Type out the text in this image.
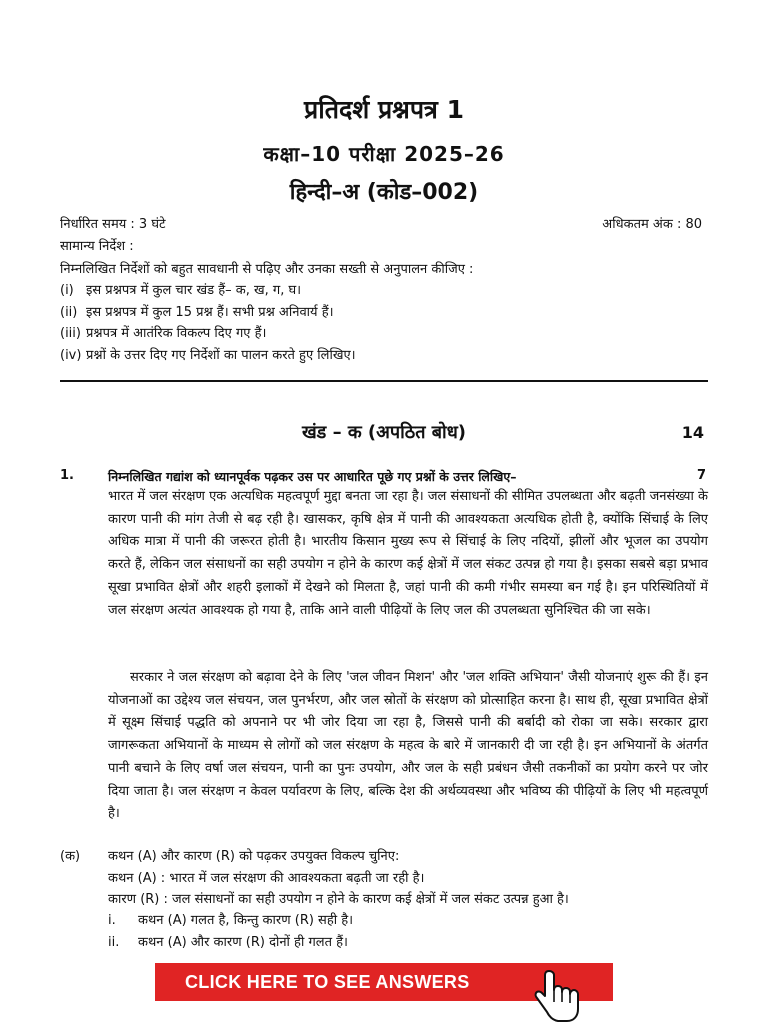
प्रतिदर्श प्रश्नपत्र 1
कक्षा–10 परीक्षा 2025–26
हिन्दी–अ (कोड–002)
निर्धारित समय : 3 घंटे	अधिकतम अंक : 80
सामान्य निर्देश :
निम्नलिखित निर्देशों को बहुत सावधानी से पढ़िए और उनका सख्ती से अनुपालन कीजिए :
(i) इस प्रश्नपत्र में कुल चार खंड हैं– क, ख, ग, घ।
(ii) इस प्रश्नपत्र में कुल 15 प्रश्न हैं। सभी प्रश्न अनिवार्य हैं।
(iii) प्रश्नपत्र में आतंरिक विकल्प दिए गए हैं।
(iv) प्रश्नों के उत्तर दिए गए निर्देशों का पालन करते हुए लिखिए।
खंड – क (अपठित बोध)	14
1.	निम्नलिखित गद्यांश को ध्यानपूर्वक पढ़कर उस पर आधारित पूछे गए प्रश्नों के उत्तर लिखिए–	7

भारत में जल संरक्षण एक अत्यधिक महत्वपूर्ण मुद्दा बनता जा रहा है। जल संसाधनों की सीमित उपलब्धता और बढ़ती जनसंख्या के कारण पानी की मांग तेजी से बढ़ रही है। खासकर, कृषि क्षेत्र में पानी की आवश्यकता अत्यधिक होती है, क्योंकि सिंचाई के लिए अधिक मात्रा में पानी की जरूरत होती है। भारतीय किसान मुख्य रूप से सिंचाई के लिए नदियों, झीलों और भूजल का उपयोग करते हैं, लेकिन जल संसाधनों का सही उपयोग न होने के कारण कई क्षेत्रों में जल संकट उत्पन्न हो गया है। इसका सबसे बड़ा प्रभाव सूखा प्रभावित क्षेत्रों और शहरी इलाकों में देखने को मिलता है, जहां पानी की कमी गंभीर समस्या बन गई है। इन परिस्थितियों में जल संरक्षण अत्यंत आवश्यक हो गया है, ताकि आने वाली पीढ़ियों के लिए जल की उपलब्धता सुनिश्चित की जा सके।

सरकार ने जल संरक्षण को बढ़ावा देने के लिए 'जल जीवन मिशन' और 'जल शक्ति अभियान' जैसी योजनाएं शुरू की हैं। इन योजनाओं का उद्देश्य जल संचयन, जल पुनर्भरण, और जल स्रोतों के संरक्षण को प्रोत्साहित करना है। साथ ही, सूखा प्रभावित क्षेत्रों में सूक्ष्म सिंचाई पद्धति को अपनाने पर भी जोर दिया जा रहा है, जिससे पानी की बर्बादी को रोका जा सके। सरकार द्वारा जागरूकता अभियानों के माध्यम से लोगों को जल संरक्षण के महत्व के बारे में जानकारी दी जा रही है। इन अभियानों के अंतर्गत पानी बचाने के लिए वर्षा जल संचयन, पानी का पुनः उपयोग, और जल के सही प्रबंधन जैसी तकनीकों का प्रयोग करने पर जोर दिया जाता है। जल संरक्षण न केवल पर्यावरण के लिए, बल्कि देश की अर्थव्यवस्था और भविष्य की पीढ़ियों के लिए भी महत्वपूर्ण है।

(क) कथन (A) और कारण (R) को पढ़कर उपयुक्त विकल्प चुनिए:
कथन (A) : भारत में जल संरक्षण की आवश्यकता बढ़ती जा रही है।
कारण (R) : जल संसाधनों का सही उपयोग न होने के कारण कई क्षेत्रों में जल संकट उत्पन्न हुआ है।
i. कथन (A) गलत है, किन्तु कारण (R) सही है।
ii. कथन (A) और कारण (R) दोनों ही गलत हैं।
CLICK HERE TO SEE ANSWERS
